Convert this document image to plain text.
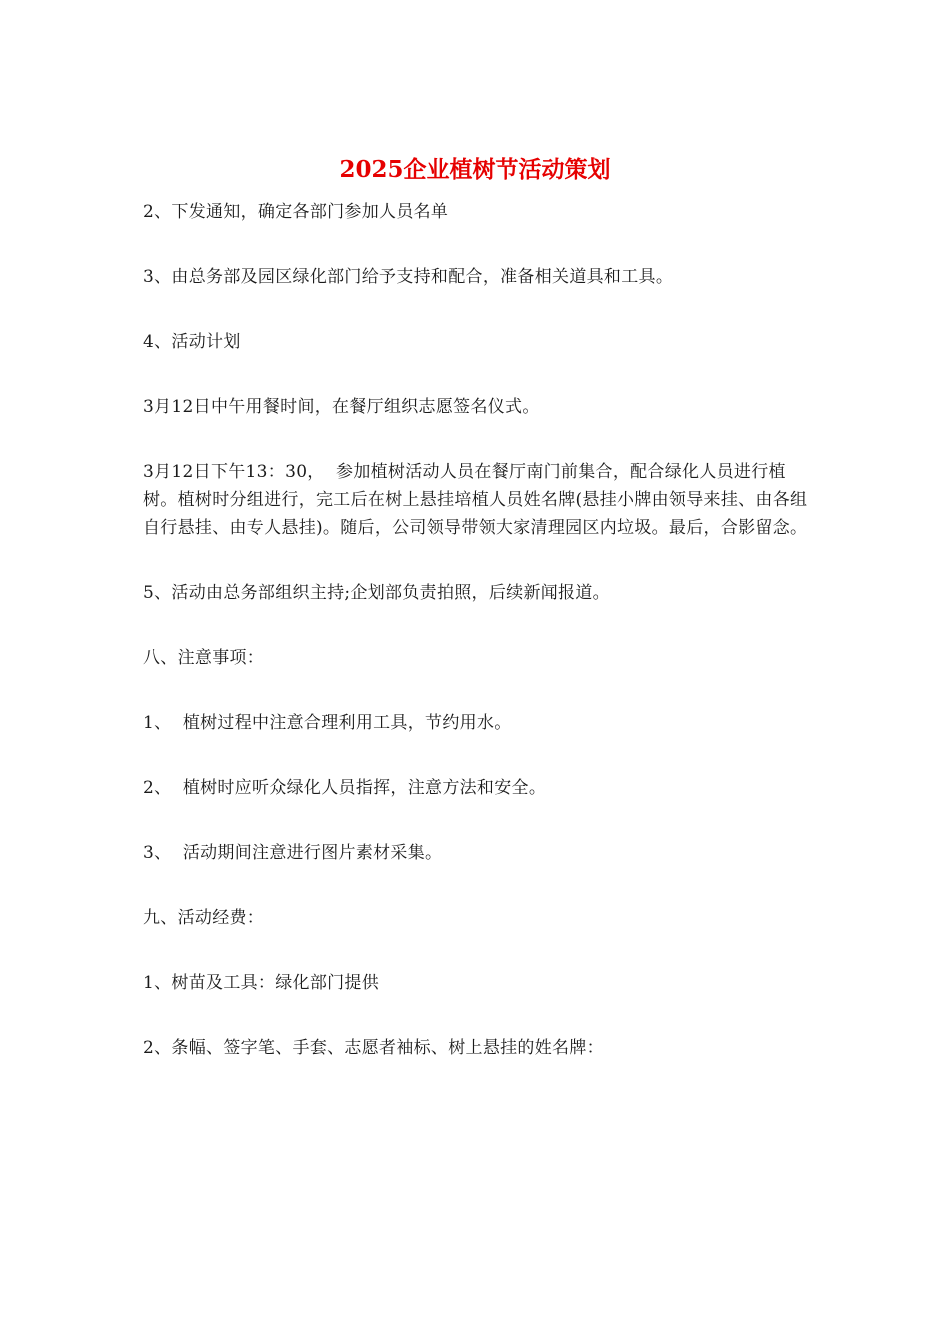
2025企业植树节活动策划

2、下发通知，确定各部门参加人员名单

3、由总务部及园区绿化部门给予支持和配合，准备相关道具和工具。

4、活动计划

3月12日中午用餐时间，在餐厅组织志愿签名仪式。

3月12日下午13：30，  参加植树活动人员在餐厅南门前集合，配合绿化人员进行植树。植树时分组进行，完工后在树上悬挂培植人员姓名牌(悬挂小牌由领导来挂、由各组自行悬挂、由专人悬挂)。随后，公司领导带领大家清理园区内垃圾。最后，合影留念。

5、活动由总务部组织主持;企划部负责拍照，后续新闻报道。

八、注意事项：

1、  植树过程中注意合理利用工具，节约用水。

2、  植树时应听众绿化人员指挥，注意方法和安全。

3、  活动期间注意进行图片素材采集。

九、活动经费：

1、树苗及工具：绿化部门提供

2、条幅、签字笔、手套、志愿者袖标、树上悬挂的姓名牌：
